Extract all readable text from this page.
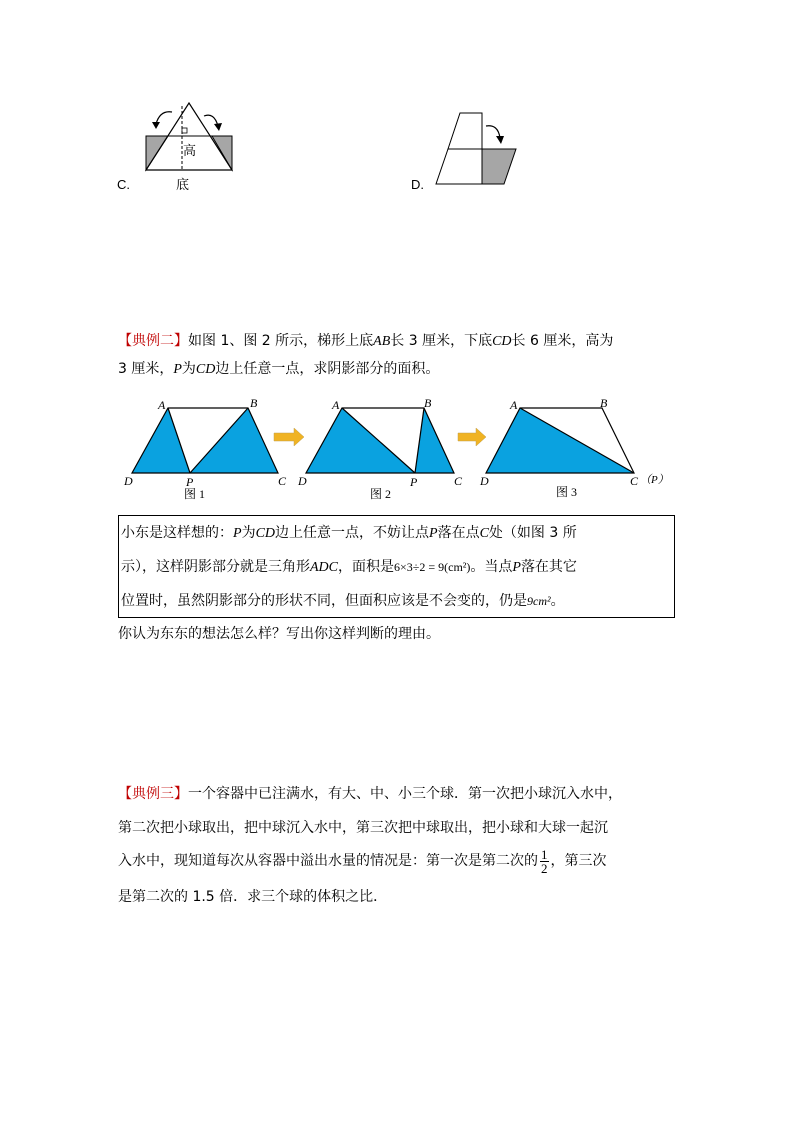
高
底
C.	D.
【典例二】如图 1、图 2 所示，梯形上底AB长 3 厘米，下底CD长 6 厘米，高为
3 厘米，P为CD边上任意一点，求阴影部分的面积。
A	B
D	P	C
图 1
A	B
D	P	C
图 2
A	B
D	C （P）
图 3
小东是这样想的：P为CD边上任意一点，不妨让点P落在点C处（如图 3 所
示），这样阴影部分就是三角形ADC，面积是6×3÷2 = 9(cm²)。当点P落在其它
位置时，虽然阴影部分的形状不同，但面积应该是不会变的，仍是9cm²。
你认为东东的想法怎么样？写出你这样判断的理由。
【典例三】一个容器中已注满水，有大、中、小三个球．第一次把小球沉入水中，
第二次把小球取出，把中球沉入水中，第三次把中球取出，把小球和大球一起沉
入水中，现知道每次从容器中溢出水量的情况是：第一次是第二次的 $\frac{1}{2}$ ，第三次
是第二次的 1.5 倍．求三个球的体积之比．
